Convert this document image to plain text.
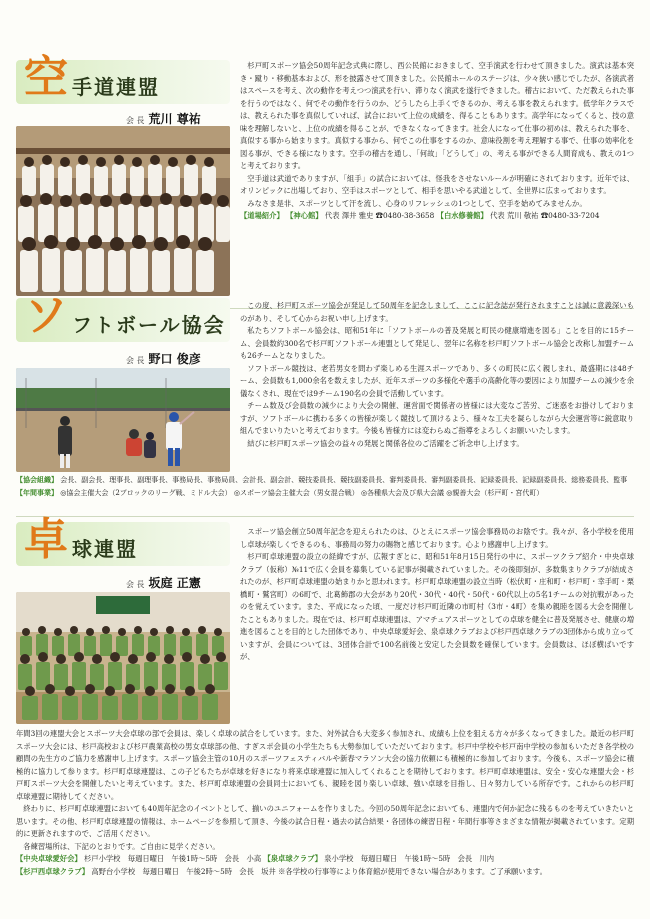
空 手道連盟
会 長 荒川 尊祐

杉戸町スポーツ協会50周年記念式典に際し、西公民館におきまして、空手演武を行わせて頂きました。演武は基本突き・蹴り・移動基本および、形を披露させて頂きました。公民館ホールのステージは、少々狭い感じでしたが、各演武者はスペースを考え、次の動作を考えつつ演武を行い、滞りなく演武を遂行できました。稽古において、ただ教えられた事を行うのではなく、何でその動作を行うのか、どうしたら上手くできるのか、考える事を教えられます。低学年クラスでは、教えられた事を真似していれば、試合において上位の成績を、得ることもあります。高学年になってくると、技の意味を理解しないと、上位の成績を得ることが、できなくなってきます。社会人になって仕事の初めは、教えられた事を、真似する事から始まります。真似する事から、何でこの仕事をするのか、意味役割を考え理解する事で、仕事の効率化を図る事が、できる様になります。空手の稽古を通し、「何故」「どうして」の、考える事ができる人間育成も、教えの1つと考えております。

空手道は武道でありますが、「組手」の試合においては、怪我をさせないルールが明確にされております。近年では、オリンピックに出場しており、空手はスポーツとして、相手を思いやる武道として、全世界に広まっております。

みなさま是非、スポーツとして汗を流し、心身のリフレッシュの1つとして、空手を始めてみませんか。

【道場紹介】 【神心館】 代表 澤井 雅史 ☎0480-38-3658 【白水修養館】 代表 荒川 敬祐 ☎0480-33-7204

ソ フトボール協会
会 長 野口 俊彦

この度、杉戸町スポーツ協会が発足して50周年を記念しまして、ここに記念誌が発行されますことは誠に意義深いものがあり、そして心からお祝い申し上げます。

私たちソフトボール協会は、昭和51年に「ソフトボールの普及発展と町民の健康増進を図る」ことを目的に15チーム、会員数約300名で杉戸町ソフトボール連盟として発足し、翌年に名称を杉戸町ソフトボール協会と改称し加盟チームも26チームとなりました。

ソフトボール競技は、老若男女を問わず楽しめる生涯スポーツであり、多くの町民に広く親しまれ、最盛期には48チーム、会員数も1,000余名を数えましたが、近年スポーツの多様化や選手の高齢化等の要因により加盟チームの減少を余儀なくされ、現在では9チーム190名の会員で活動しています。

チーム数及び会員数の減少により大会の開催、運営面で関係者の皆様には大変なご苦労、ご迷惑をお掛けしておりますが、ソフトボールに携わる多くの皆様が楽しく競技して頂けるよう、様々な工夫を凝らしながら大会運営等に鋭意取り組んでまいりたいと考えております。今後も皆様方には変わらぬご指導をよろしくお願いいたします。

結びに杉戸町スポーツ協会の益々の発展と関係各位のご活躍をご祈念申し上げます。

【協会組織】 会長、副会長、理事長、副理事長、事務局長、事務局員、会計長、副会計、競技委員長、競技副委員長、審判委員長、審判副委員長、記録委員長、記録副委員長、総務委員長、監事

【年間事業】 ◎協会主催大会（2ブロックのリーグ戦、ミドル大会） ◎スポーツ協会主催大会（男女混合戦） ◎各種県大会及び県大会議 ◎親善大会（杉戸町・宮代町）

卓 球連盟
会 長 坂庭 正憲

スポーツ協会創立50周年記念を迎えられたのは、ひとえにスポーツ協会事務局のお陰です。我々が、各小学校を使用し卓球が楽しくできるのも、事務局の努力の賜物と感じております。心より感謝申し上げます。

杉戸町卓球連盟の設立の経緯ですが、広報すぎとに、昭和51年8月15日発行の中に、スポーツクラブ紹介・中央卓球クラブ（仮称）№11で広く会員を募集している記事が掲載されていました。その後即刻が、多数集まりクラブが結成されたのが、杉戸町卓球連盟の始まりかと思われます。杉戸町卓球連盟の設立当時（松伏町・庄和町・杉戸町・幸手町・栗橋町・鷲宮町）の6町で、北葛飾郡の大会があり20代・30代・40代・50代・60代以上の5名1チームの対抗戦があったのを覚えています。また、平成になった頃、一度だけ杉戸町近隣の市町村（3市・4町）を集め親睦を図る大会を開催したこともありました。現在では、杉戸町卓球連盟は、アマチュアスポーツとしての卓球を健全に普及発展させ、健康の増進を図ることを目的とした団体であり、中央卓球愛好会、泉卓球クラブおよび杉戸西卓球クラブの3団体から成り立っていますが、会員については、3団体合計で100名前後と安定した会員数を確保しています。会員数は、ほぼ横ばいですが、

年間3回の連盟大会とスポーツ大会卓球の部で会員は、楽しく卓球の試合をしています。また、対外試合も大変多く参加され、成績も上位を狙える方々が多くなってきました。最近の杉戸町スポーツ大会には、杉戸高校および杉戸農業高校の男女卓球部の他、すぎスポ会員の小学生たちも大勢参加していただいております。杉戸中学校や杉戸南中学校の参加もいただき各学校の顧問の先生方のご協力を感謝申し上げます。スポーツ協会主管の10月のスポーツフェスティバルや新春マラソン大会の協力依頼にも積極的に参加しております。今後も、スポーツ協会に積極的に協力して参ります。杉戸町卓球連盟は、この子どもたちが卓球を好きになり将来卓球連盟に加入してくれることを期待しております。杉戸町卓球連盟は、安全・安心な連盟大会・杉戸町スポーツ大会を開催したいと考えています。また、杉戸町卓球連盟の会員同士においても、親睦を図り楽しい卓球、強い卓球を目指し、日々努力している所存です。これからの杉戸町卓球連盟に期待してください。

終わりに、杉戸町卓球連盟においても40周年記念のイベントとして、揃いのユニフォームを作りました。今回の50周年記念においても、連盟内で何か記念に残るものを考えていきたいと思います。その他、杉戸町卓球連盟の情報は、ホームページを参照して頂き、今後の試合日程・過去の試合結果・各団体の練習日程・年間行事等さまざまな情報が掲載されています。定期的に更新されますので、ご活用ください。

各練習場所は、下記のとおりです。ご自由に見学ください。

【中央卓球愛好会】 杉戸小学校　毎週日曜日　午後1時～5時　会長　小高 【泉卓球クラブ】 泉小学校　毎週日曜日　午後1時～5時　会長　川内

【杉戸西卓球クラブ】 高野台小学校　毎週日曜日　午後2時～5時　会長　坂井 ※各学校の行事等により体育館が使用できない場合があります。ご了承願います。
